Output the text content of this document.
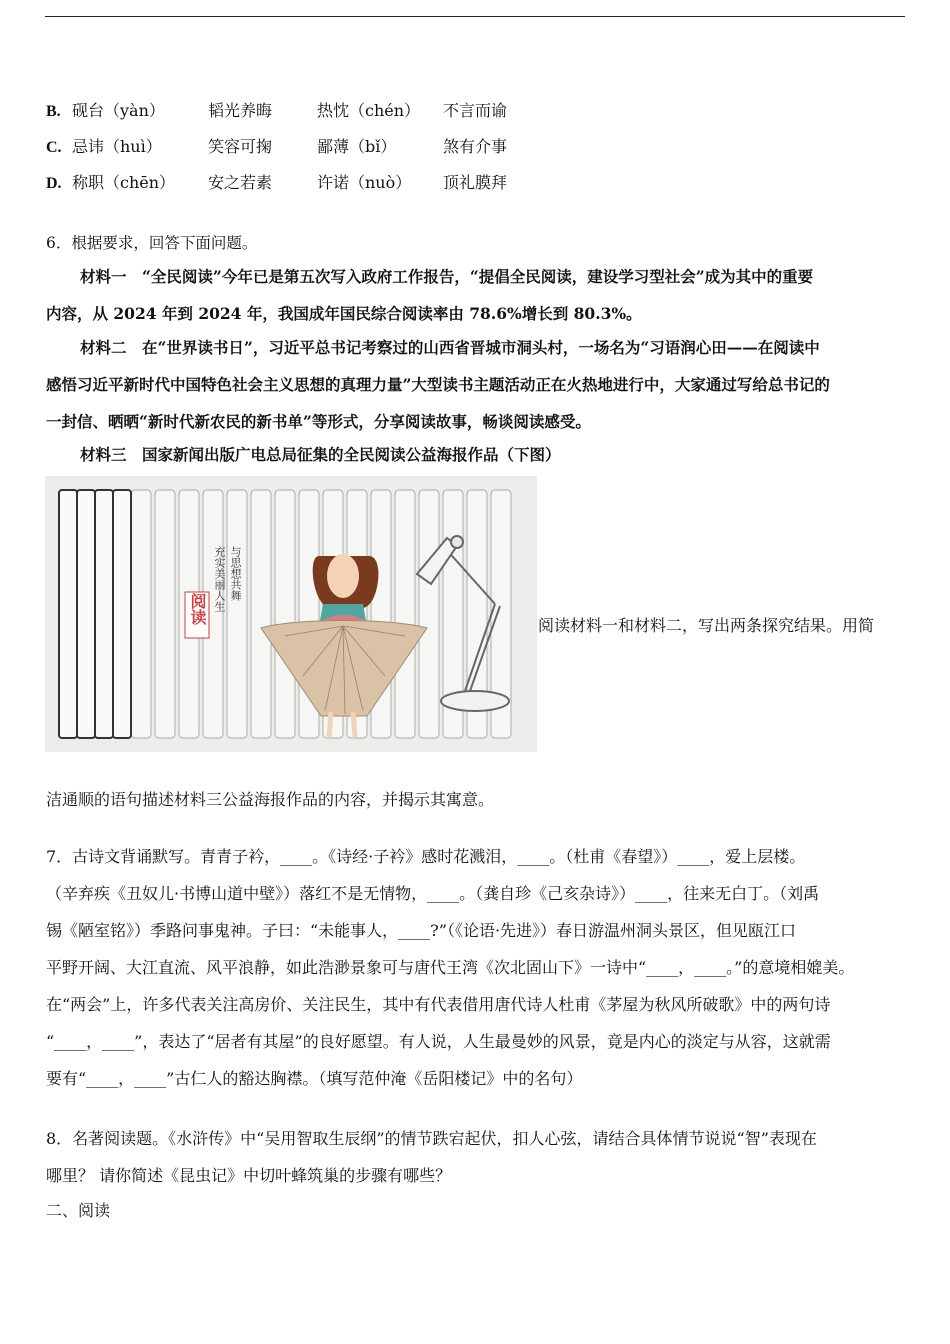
B. 砚台（yàn）	韬光养晦	热忱（chén） 不言而谕
C. 忌讳（huì）	笑容可掬	鄙薄（bǐ）	煞有介事
D. 称职（chēn） 安之若素	许诺（nuò） 顶礼膜拜
6．根据要求，回答下面问题。
材料一　“全民阅读”今年已是第五次写入政府工作报告，“提倡全民阅读，建设学习型社会”成为其中的重要
内容，从 2024 年到 2024 年，我国成年国民综合阅读率由 78.6%增长到 80.3%。
材料二　在“世界读书日”，习近平总书记考察过的山西省晋城市洞头村，一场名为“习语润心田——在阅读中
感悟习近平新时代中国特色社会主义思想的真理力量”大型读书主题活动正在火热地进行中，大家通过写给总书记的
一封信、晒晒“新时代新农民的新书单”等形式，分享阅读故事，畅谈阅读感受。
材料三　国家新闻出版广电总局征集的全民阅读公益海报作品（下图）
阅读 充实美丽人生 与思想共舞
阅读材料一和材料二，写出两条探究结果。用简
洁通顺的语句描述材料三公益海报作品的内容，并揭示其寓意。
7．古诗文背诵默写。青青子衿，____。《诗经·子衿》感时花溅泪，____。（杜甫《春望》）____，爱上层楼。
（辛弃疾《丑奴儿·书博山道中壁》）落红不是无情物，____。（龚自珍《己亥杂诗》）____，往来无白丁。（刘禹
锡《陋室铭》）季路问事鬼神。子曰：“未能事人，____?”（《论语·先进》）春日游温州洞头景区，但见瓯江口
平野开阔、大江直流、风平浪静，如此浩渺景象可与唐代王湾《次北固山下》一诗中“____，____。”的意境相媲美。
在“两会”上，许多代表关注高房价、关注民生，其中有代表借用唐代诗人杜甫《茅屋为秋风所破歌》中的两句诗
“____，____”，表达了“居者有其屋”的良好愿望。有人说，人生最曼妙的风景，竟是内心的淡定与从容，这就需
要有“____，____”古仁人的豁达胸襟。（填写范仲淹《岳阳楼记》中的名句）
8．名著阅读题。《水浒传》中“吴用智取生辰纲”的情节跌宕起伏，扣人心弦，请结合具体情节说说“智”表现在
哪里？ 请你简述《昆虫记》中切叶蜂筑巢的步骤有哪些？
二、阅读
